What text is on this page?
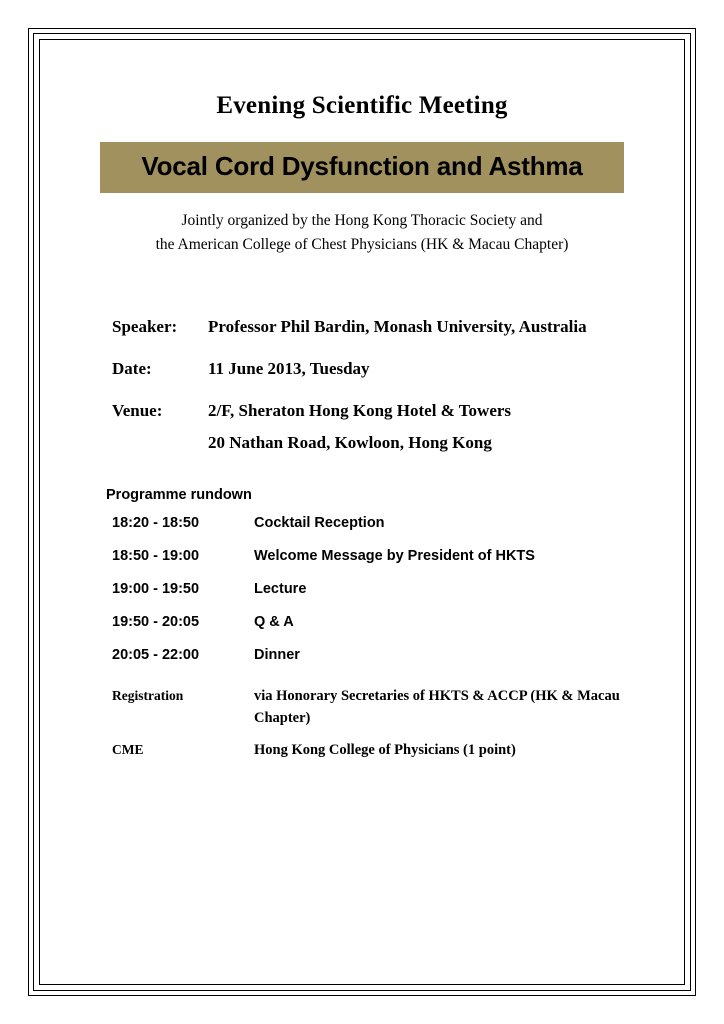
Evening Scientific Meeting
Vocal Cord Dysfunction and Asthma
Jointly organized by the Hong Kong Thoracic Society and
the American College of Chest Physicians (HK & Macau Chapter)
Speaker:	Professor Phil Bardin, Monash University, Australia
Date:	11 June 2013, Tuesday
Venue:	2/F, Sheraton Hong Kong Hotel & Towers
20 Nathan Road, Kowloon, Hong Kong
Programme rundown
18:20 - 18:50	Cocktail Reception
18:50 - 19:00	Welcome Message by President of HKTS
19:00 - 19:50	Lecture
19:50 - 20:05	Q & A
20:05 - 22:00	Dinner
Registration	via Honorary Secretaries of HKTS & ACCP (HK & Macau Chapter)
CME	Hong Kong College of Physicians (1 point)
